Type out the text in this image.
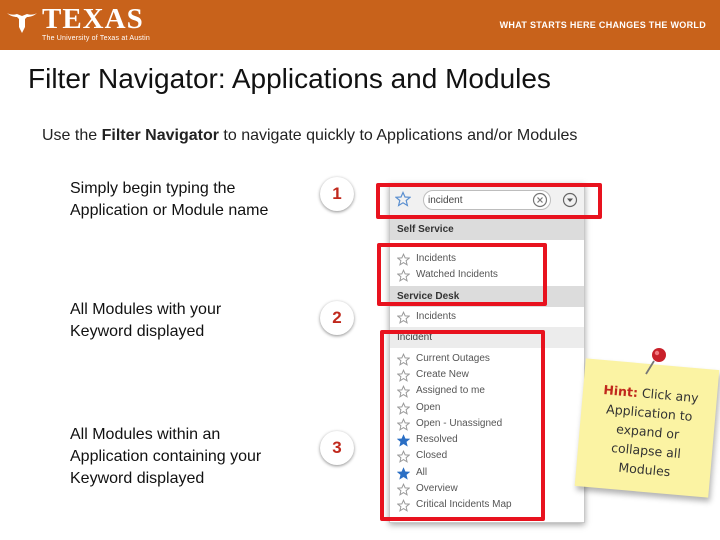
TEXAS
The University of Texas at Austin
WHAT STARTS HERE CHANGES THE WORLD
Filter Navigator: Applications and Modules
Use the Filter Navigator to navigate quickly to Applications and/or Modules
Simply begin typing the Application or Module name
All Modules with your Keyword displayed
All Modules within an Application containing your Keyword displayed
1
2
3
incident
Self Service
Incidents
Watched Incidents
Service Desk
Incidents
Incident
Current Outages
Create New
Assigned to me
Open
Open - Unassigned
Resolved
Closed
All
Overview
Critical Incidents Map
Hint: Click any Application to expand or collapse all Modules
